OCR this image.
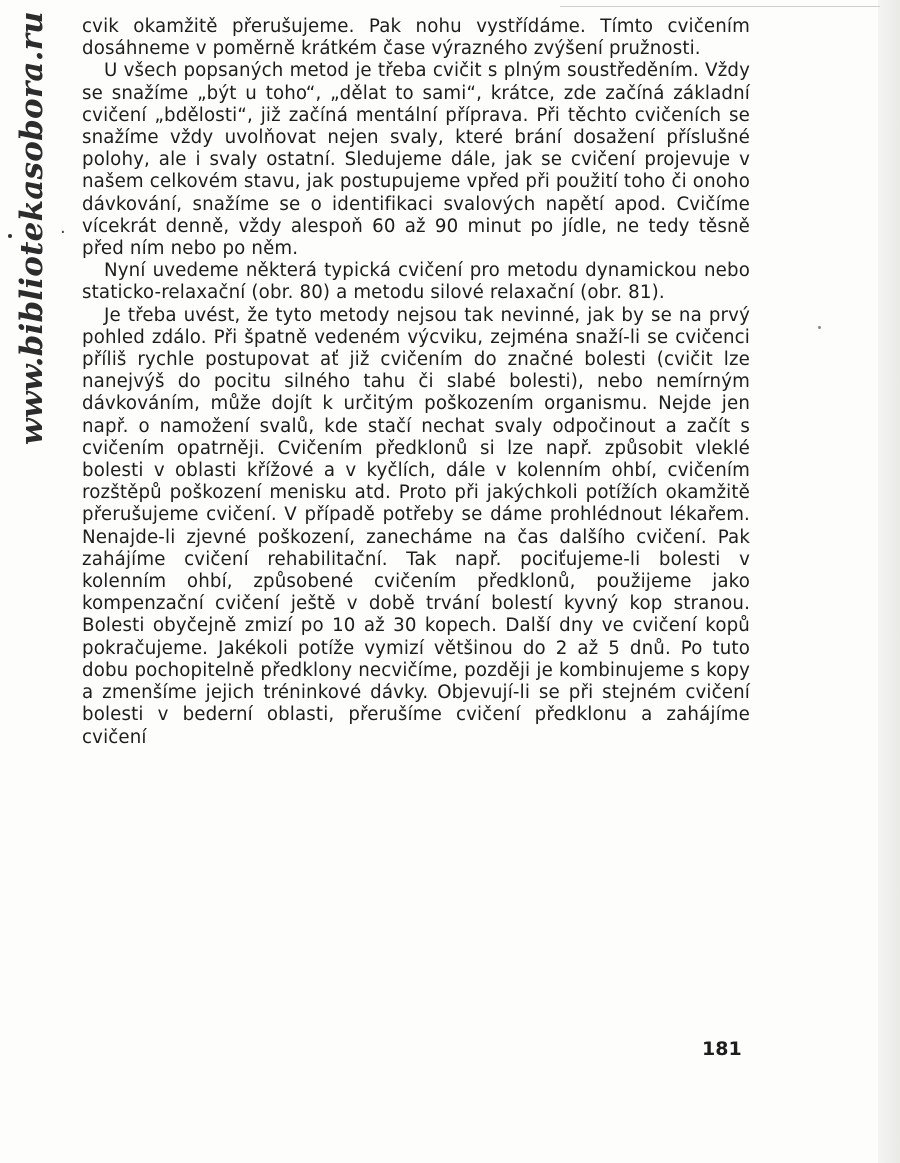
www.bibliotekasobora.ru ·

cvik okamžitě přerušujeme. Pak nohu vystřídáme. Tímto cvičením dosáhneme v poměrně krátkém čase výrazného zvýšení pružnosti.

U všech popsaných metod je třeba cvičit s plným soustředěním. Vždy se snažíme „být u toho“, „dělat to sami“, krátce, zde začíná základní cvičení „bdělosti“, již začíná mentální příprava. Při těchto cvičeních se snažíme vždy uvolňovat nejen svaly, které brání dosažení příslušné polohy, ale i svaly ostatní. Sledujeme dále, jak se cvičení projevuje v našem celkovém stavu, jak postupujeme vpřed při použití toho či onoho dávkování, snažíme se o identifikaci svalových napětí apod. Cvičíme vícekrát denně, vždy alespoň 60 až 90 minut po jídle, ne tedy těsně před ním nebo po něm.

Nyní uvedeme některá typická cvičení pro metodu dynamickou nebo staticko-relaxační (obr. 80) a metodu silové relaxační (obr. 81).

Je třeba uvést, že tyto metody nejsou tak nevinné, jak by se na prvý pohled zdálo. Při špatně vedeném výcviku, zejména snaží-li se cvičenci příliš rychle postupovat ať již cvičením do značné bolesti (cvičit lze nanejvýš do pocitu silného tahu či slabé bolesti), nebo nemírným dávkováním, může dojít k určitým poškozením organismu. Nejde jen např. o namožení svalů, kde stačí nechat svaly odpočinout a začít s cvičením opatrněji. Cvičením předklonů si lze např. způsobit vleklé bolesti v oblasti křížové a v kyčlích, dále v kolenním ohbí, cvičením rozštěpů poškození menisku atd. Proto při jakýchkoli potížích okamžitě přerušujeme cvičení. V případě potřeby se dáme prohlédnout lékařem. Nenajde-li zjevné poškození, zanecháme na čas dalšího cvičení. Pak zahájíme cvičení rehabilitační. Tak např. pociťujeme-li bolesti v kolenním ohbí, způsobené cvičením předklonů, použijeme jako kompenzační cvičení ještě v době trvání bolestí kyvný kop stranou. Bolesti obyčejně zmizí po 10 až 30 kopech. Další dny ve cvičení kopů pokračujeme. Jakékoli potíže vymizí většinou do 2 až 5 dnů. Po tuto dobu pochopitelně předklony necvičíme, později je kombinujeme s kopy a zmenšíme jejich tréninkové dávky. Objevují-li se při stejném cvičení bolesti v bederní oblasti, přerušíme cvičení předklonu a zahájíme cvičení

181
